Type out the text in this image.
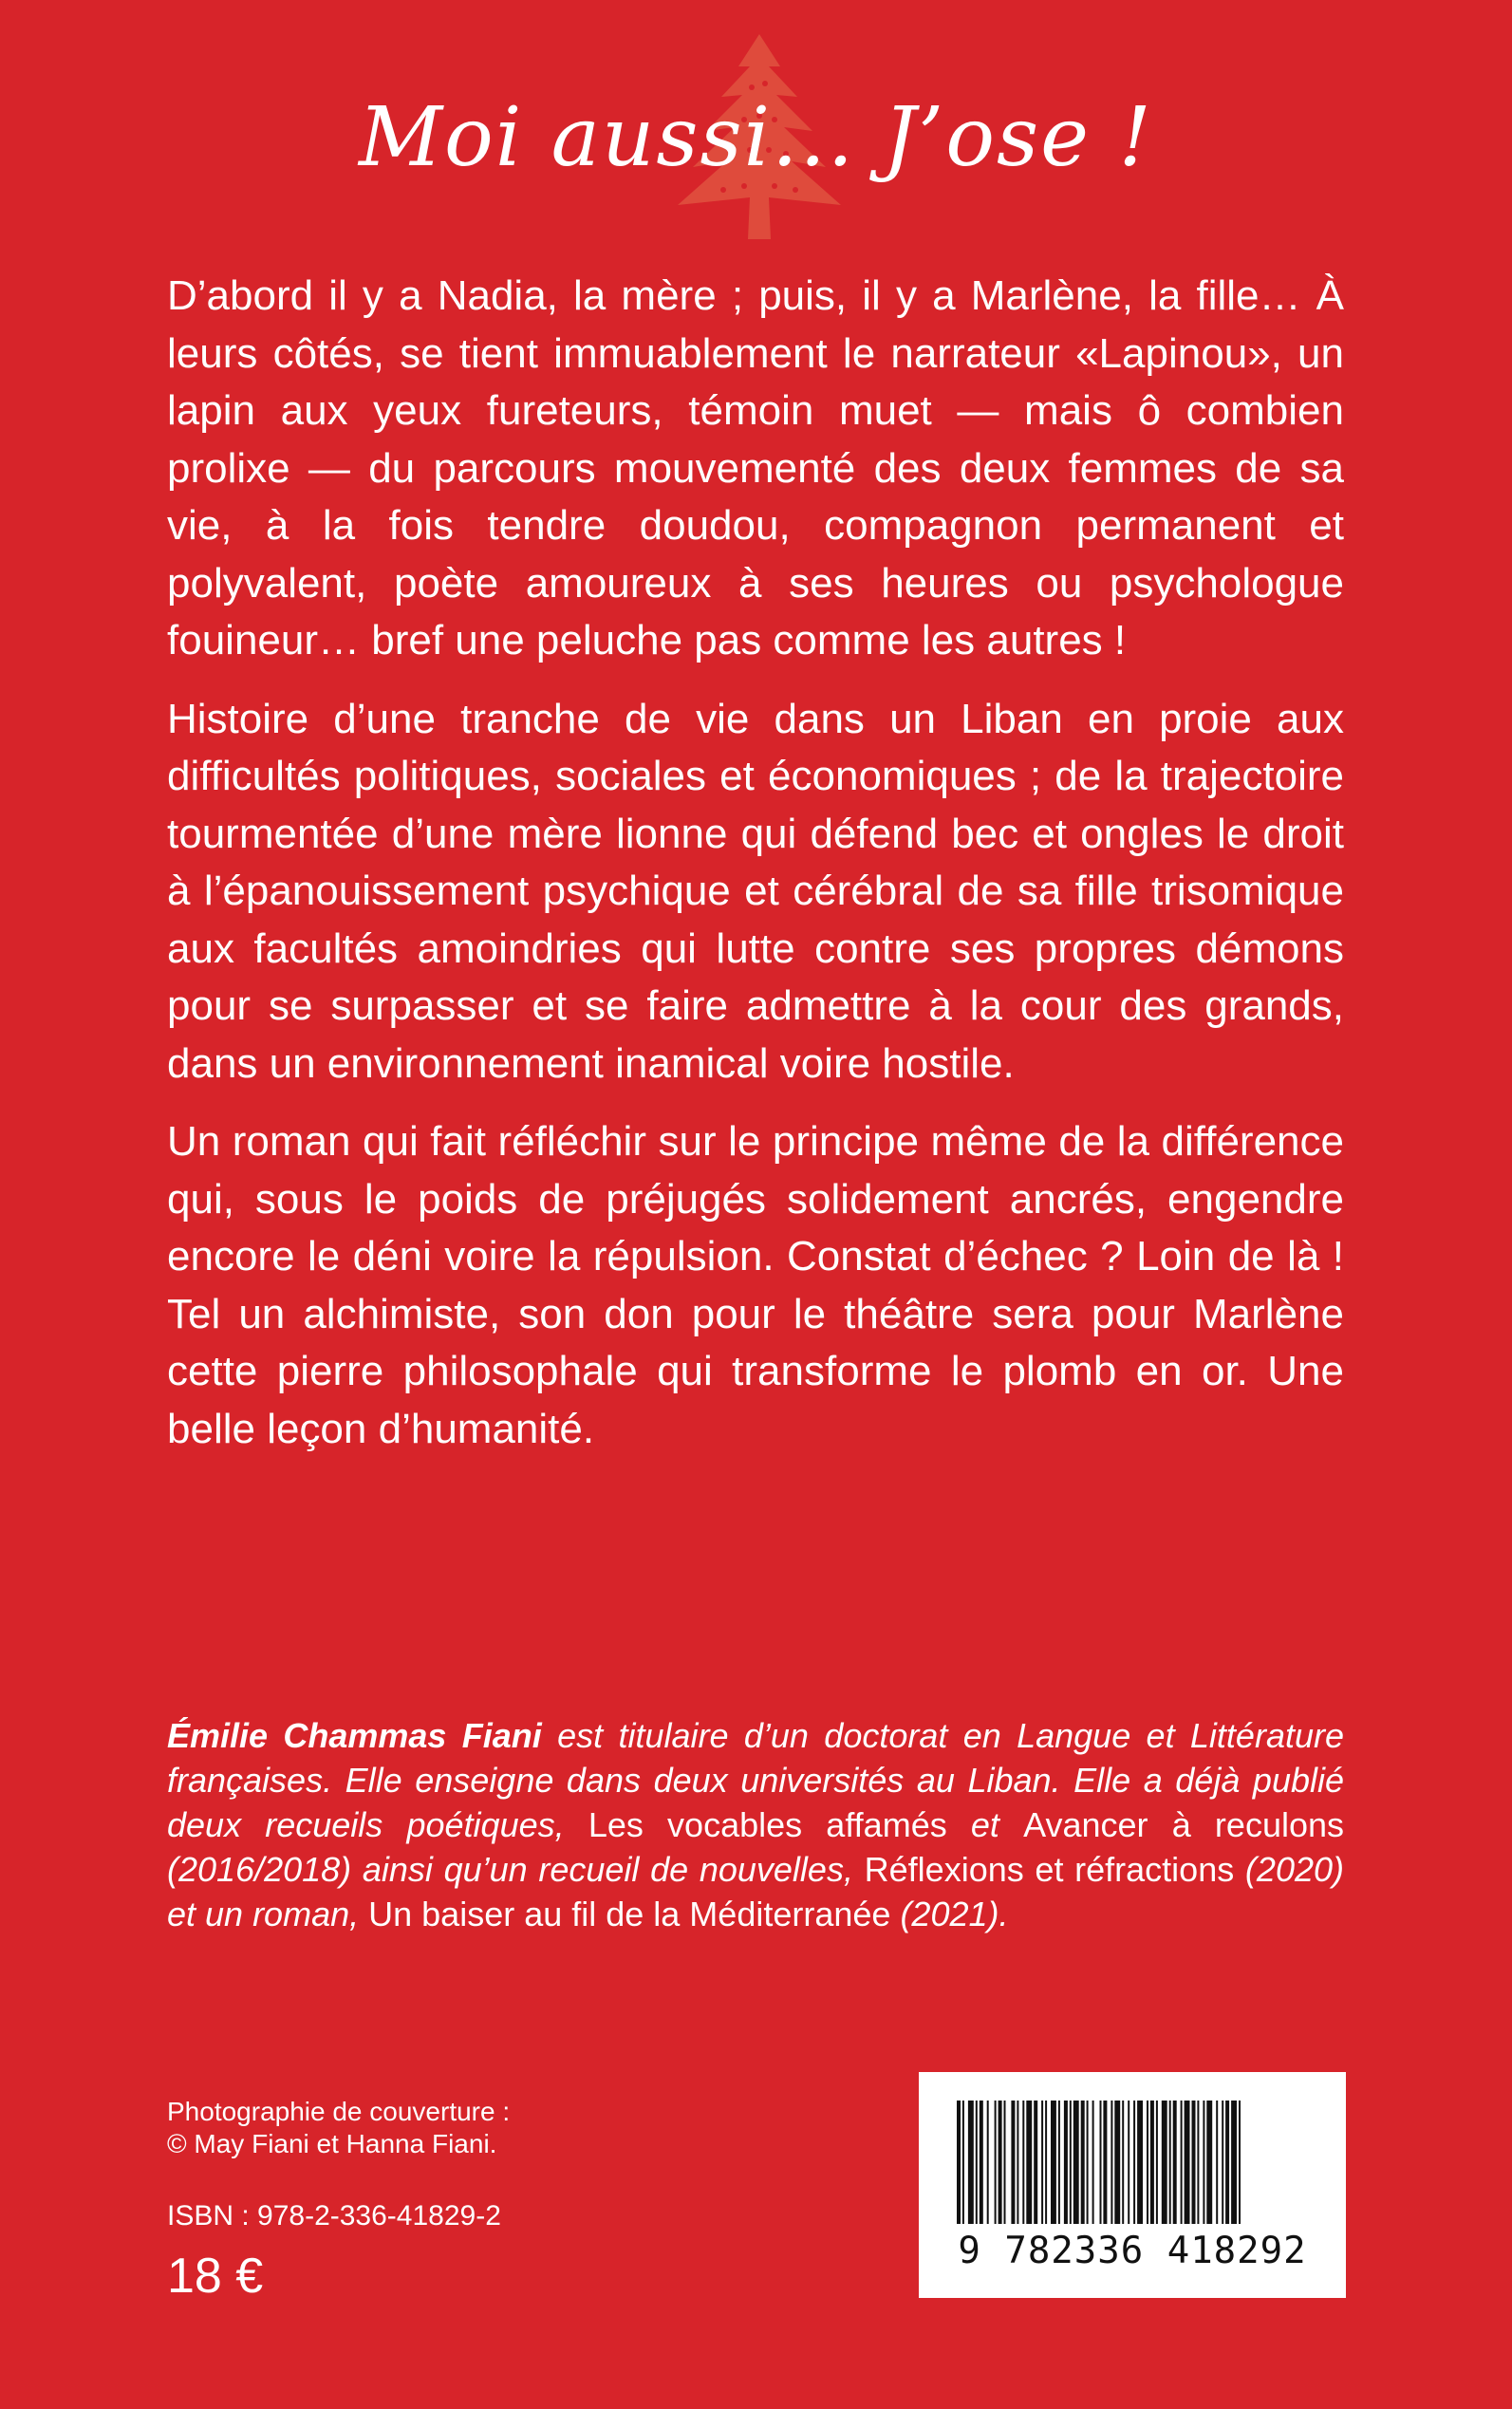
Moi aussi... J’ose !

D’abord il y a Nadia, la mère ; puis, il y a Marlène, la fille… À leurs côtés, se tient immuablement le narrateur «Lapinou», un lapin aux yeux fureteurs, témoin muet — mais ô combien prolixe — du parcours mouvementé des deux femmes de sa vie, à la fois tendre doudou, compagnon permanent et polyvalent, poète amoureux à ses heures ou psychologue fouineur… bref une peluche pas comme les autres !

Histoire d’une tranche de vie dans un Liban en proie aux difficultés politiques, sociales et économiques ; de la trajectoire tourmentée d’une mère lionne qui défend bec et ongles le droit à l’épanouissement psychique et cérébral de sa fille trisomique aux facultés amoindries qui lutte contre ses propres démons pour se surpasser et se faire admettre à la cour des grands, dans un environnement inamical voire hostile.

Un roman qui fait réfléchir sur le principe même de la différence qui, sous le poids de préjugés solidement ancrés, engendre encore le déni voire la répulsion. Constat d’échec ? Loin de là ! Tel un alchimiste, son don pour le théâtre sera pour Marlène cette pierre philosophale qui transforme le plomb en or. Une belle leçon d’humanité.

Émilie Chammas Fiani est titulaire d’un doctorat en Langue et Littérature françaises. Elle enseigne dans deux universités au Liban. Elle a déjà publié deux recueils poétiques, Les vocables affamés et Avancer à reculons (2016/2018) ainsi qu’un recueil de nouvelles, Réflexions et réfractions (2020) et un roman, Un baiser au fil de la Méditerranée (2021).

Photographie de couverture :
© May Fiani et Hanna Fiani.
ISBN : 978-2-336-41829-2
18 €	9 782336 418292
